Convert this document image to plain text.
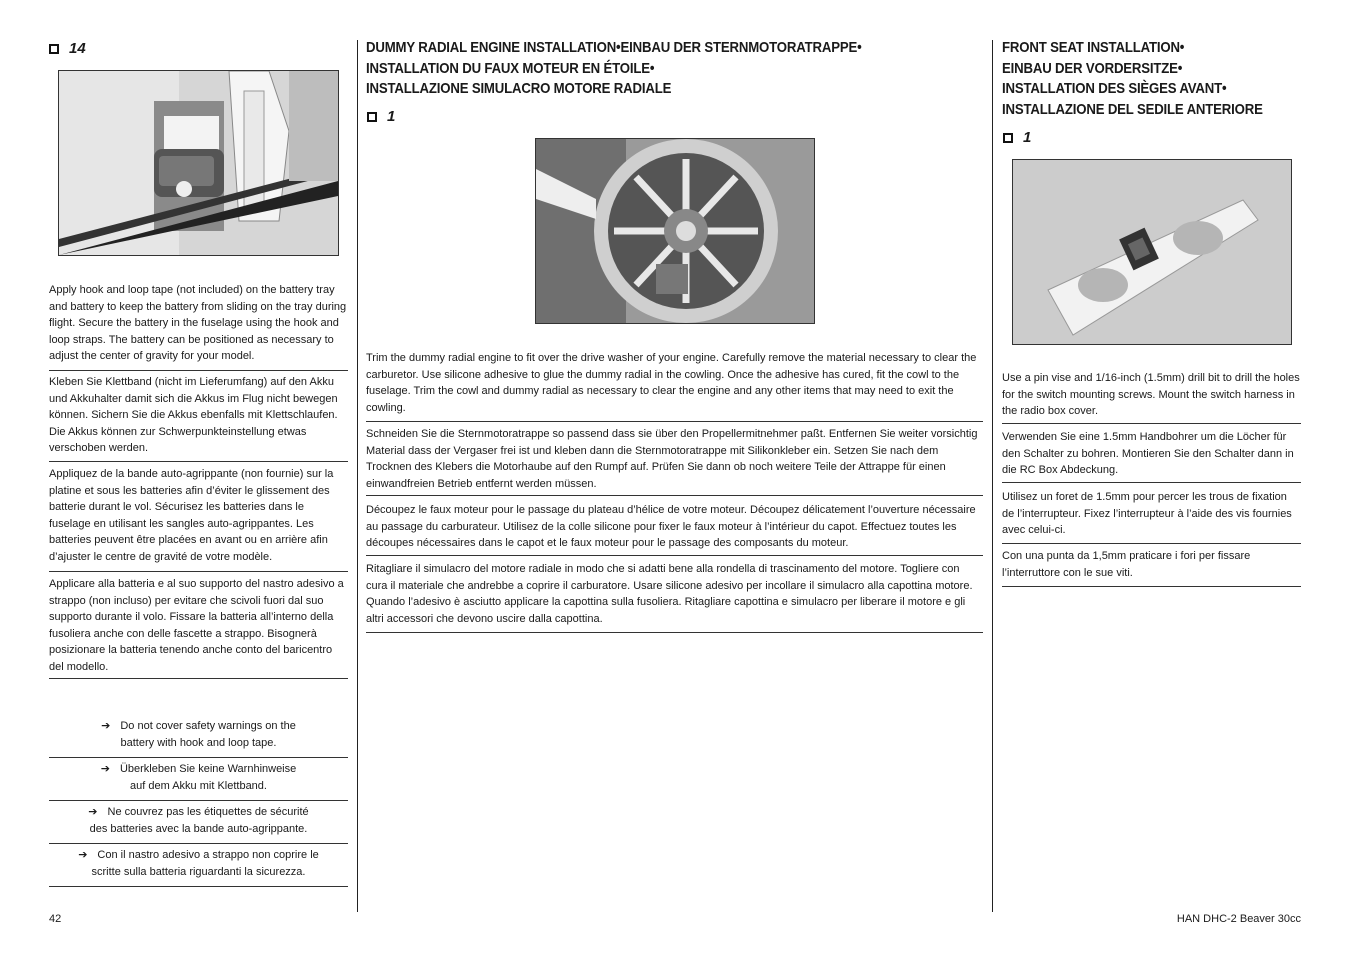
14
Apply hook and loop tape (not included) on the battery tray and battery to keep the battery from sliding on the tray during flight. Secure the battery in the fuselage using the hook and loop straps. The battery can be positioned as necessary to adjust the center of gravity for your model.
Kleben Sie Klettband (nicht im Lieferumfang) auf den Akku und Akkuhalter damit sich die Akkus im Flug nicht bewegen können. Sichern Sie die Akkus ebenfalls mit Klettschlaufen. Die Akkus können zur Schwerpunkteinstellung etwas verschoben werden.
Appliquez de la bande auto-agrippante (non fournie) sur la platine et sous les batteries afin d’éviter le glissement des batterie durant le vol. Sécurisez les batteries dans le fuselage en utilisant les sangles auto-agrippantes. Les batteries peuvent être placées en avant ou en arrière afin d’ajuster le centre de gravité de votre modèle.
Applicare alla batteria e al suo supporto del nastro adesivo a strappo (non incluso) per evitare che scivoli fuori dal suo supporto durante il volo. Fissare la batteria all’interno della fusoliera anche con delle fascette a strappo. Bisognerà posizionare la batteria tenendo anche conto del baricentro del modello.
➔ Do not cover safety warnings on the
battery with hook and loop tape.
➔ Überkleben Sie keine Warnhinweise
auf dem Akku mit Klettband.
➔ Ne couvrez pas les étiquettes de sécurité
des batteries avec la bande auto-agrippante.
➔ Con il nastro adesivo a strappo non coprire le
scritte sulla batteria riguardanti la sicurezza.
DUMMY RADIAL ENGINE INSTALLATION•EINBAU DER STERNMOTORATRAPPE•
INSTALLATION DU FAUX MOTEUR EN ÉTOILE•
INSTALLAZIONE SIMULACRO MOTORE RADIALE
1
Trim the dummy radial engine to fit over the drive washer of your engine. Carefully remove the material necessary to clear the carburetor. Use silicone adhesive to glue the dummy radial in the cowling. Once the adhesive has cured, fit the cowl to the fuselage. Trim the cowl and dummy radial as necessary to clear the engine and any other items that may need to exit the cowling.
Schneiden Sie die Sternmotoratrappe so passend dass sie über den Propellermitnehmer paßt. Entfernen Sie weiter vorsichtig Material dass der Vergaser frei ist und kleben dann die Sternmotoratrappe mit Silikonkleber ein. Setzen Sie nach dem Trocknen des Klebers die Motorhaube auf den Rumpf auf. Prüfen Sie dann ob noch weitere Teile der Attrappe für einen einwandfreien Betrieb entfernt werden müssen.
Découpez le faux moteur pour le passage du plateau d’hélice de votre moteur. Découpez délicatement l’ouverture nécessaire au passage du carburateur. Utilisez de la colle silicone pour fixer le faux moteur à l’intérieur du capot. Effectuez toutes les découpes nécessaires dans le capot et le faux moteur pour le passage des composants du moteur.
Ritagliare il simulacro del motore radiale in modo che si adatti bene alla rondella di trascinamento del motore. Togliere con cura il materiale che andrebbe a coprire il carburatore. Usare silicone adesivo per incollare il simulacro alla capottina motore. Quando l’adesivo è asciutto applicare la capottina sulla fusoliera. Ritagliare capottina e simulacro per liberare il motore e gli altri accessori che devono uscire dalla capottina.
FRONT SEAT INSTALLATION•
EINBAU DER VORDERSITZE•
INSTALLATION DES SIÈGES AVANT•
INSTALLAZIONE DEL SEDILE ANTERIORE
1
Use a pin vise and 1/16-inch (1.5mm) drill bit to drill the holes for the switch mounting screws. Mount the switch harness in the radio box cover.
Verwenden Sie eine 1.5mm Handbohrer um die Löcher für den Schalter zu bohren. Montieren Sie den Schalter dann in die RC Box Abdeckung.
Utilisez un foret de 1.5mm pour percer les trous de fixation de l’interrupteur. Fixez l’interrupteur à l’aide des vis fournies avec celui-ci.
Con una punta da 1,5mm praticare i fori per fissare l’interruttore con le sue viti.
42	HAN DHC-2 Beaver 30cc
